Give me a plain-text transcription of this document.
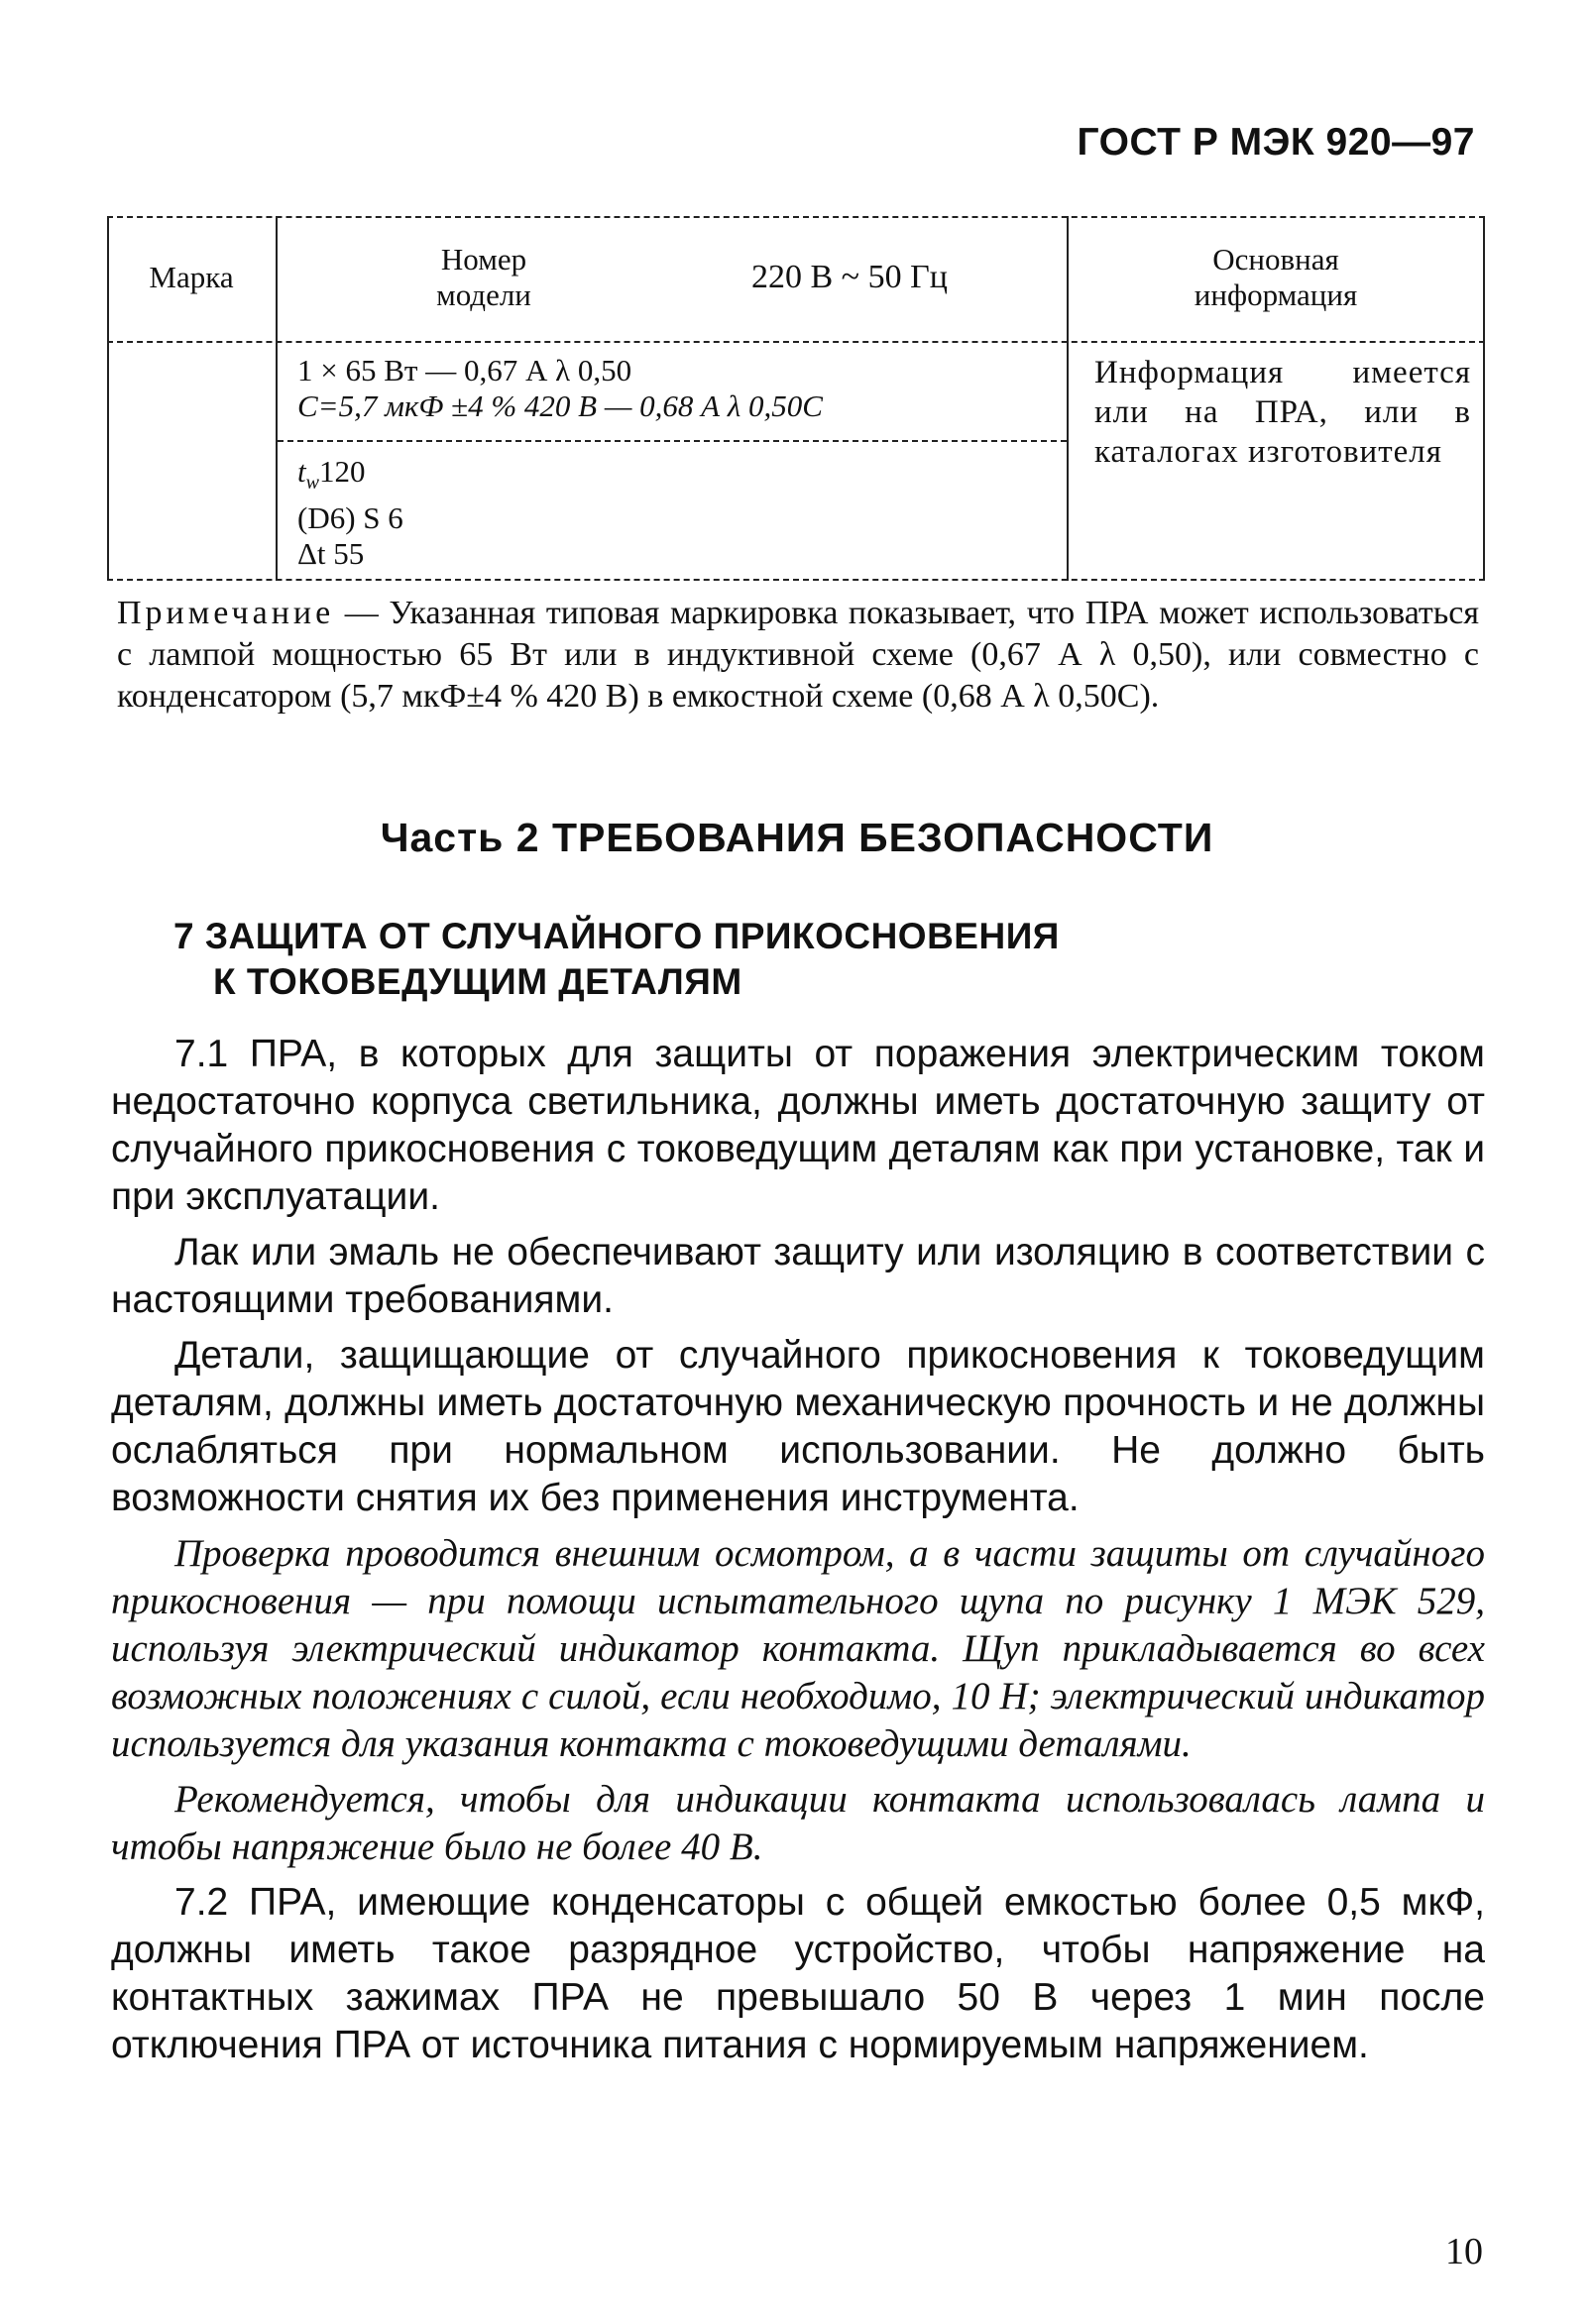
ГОСТ Р МЭК 920—97
Марка
Номер
модели	220 В ~ 50 Гц	Основная
информация
1 × 65 Вт — 0,67 А λ 0,50
C=5,7 мкФ ±4 % 420 В — 0,68 А λ 0,50C
$t_w120$
(D6) S 6
Δt 55
Информация имеется или на ПРА, или в каталогах изготовителя
Примечание — Указанная типовая маркировка показывает, что ПРА может использоваться с лампой мощностью 65 Вт или в индуктивной схеме (0,67 А λ 0,50), или совместно с конденсатором (5,7 мкФ±4 % 420 В) в емкостной схеме (0,68 А λ 0,50С).
Часть 2 ТРЕБОВАНИЯ БЕЗОПАСНОСТИ
7 ЗАЩИТА ОТ СЛУЧАЙНОГО ПРИКОСНОВЕНИЯ
К ТОКОВЕДУЩИМ ДЕТАЛЯМ

7.1 ПРА, в которых для защиты от поражения электрическим током недостаточно корпуса светильника, должны иметь достаточную защиту от случайного прикосновения с токоведущим деталям как при установке, так и при эксплуатации.

Лак или эмаль не обеспечивают защиту или изоляцию в соответствии с настоящими требованиями.

Детали, защищающие от случайного прикосновения к токоведущим деталям, должны иметь достаточную механическую прочность и не должны ослабляться при нормальном использовании. Не должно быть возможности снятия их без применения инструмента.

Проверка проводится внешним осмотром, а в части защиты от случайного прикосновения — при помощи испытательного щупа по рисунку 1 МЭК 529, используя электрический индикатор контакта. Щуп прикладывается во всех возможных положениях с силой, если необходимо, 10 Н; электрический индикатор используется для указания контакта с токоведущими деталями.

Рекомендуется, чтобы для индикации контакта использовалась лампа и чтобы напряжение было не более 40 В.

7.2 ПРА, имеющие конденсаторы с общей емкостью более 0,5 мкФ, должны иметь такое разрядное устройство, чтобы напряжение на контактных зажимах ПРА не превышало 50 В через 1 мин после отключения ПРА от источника питания с нормируемым напряжением.

10
